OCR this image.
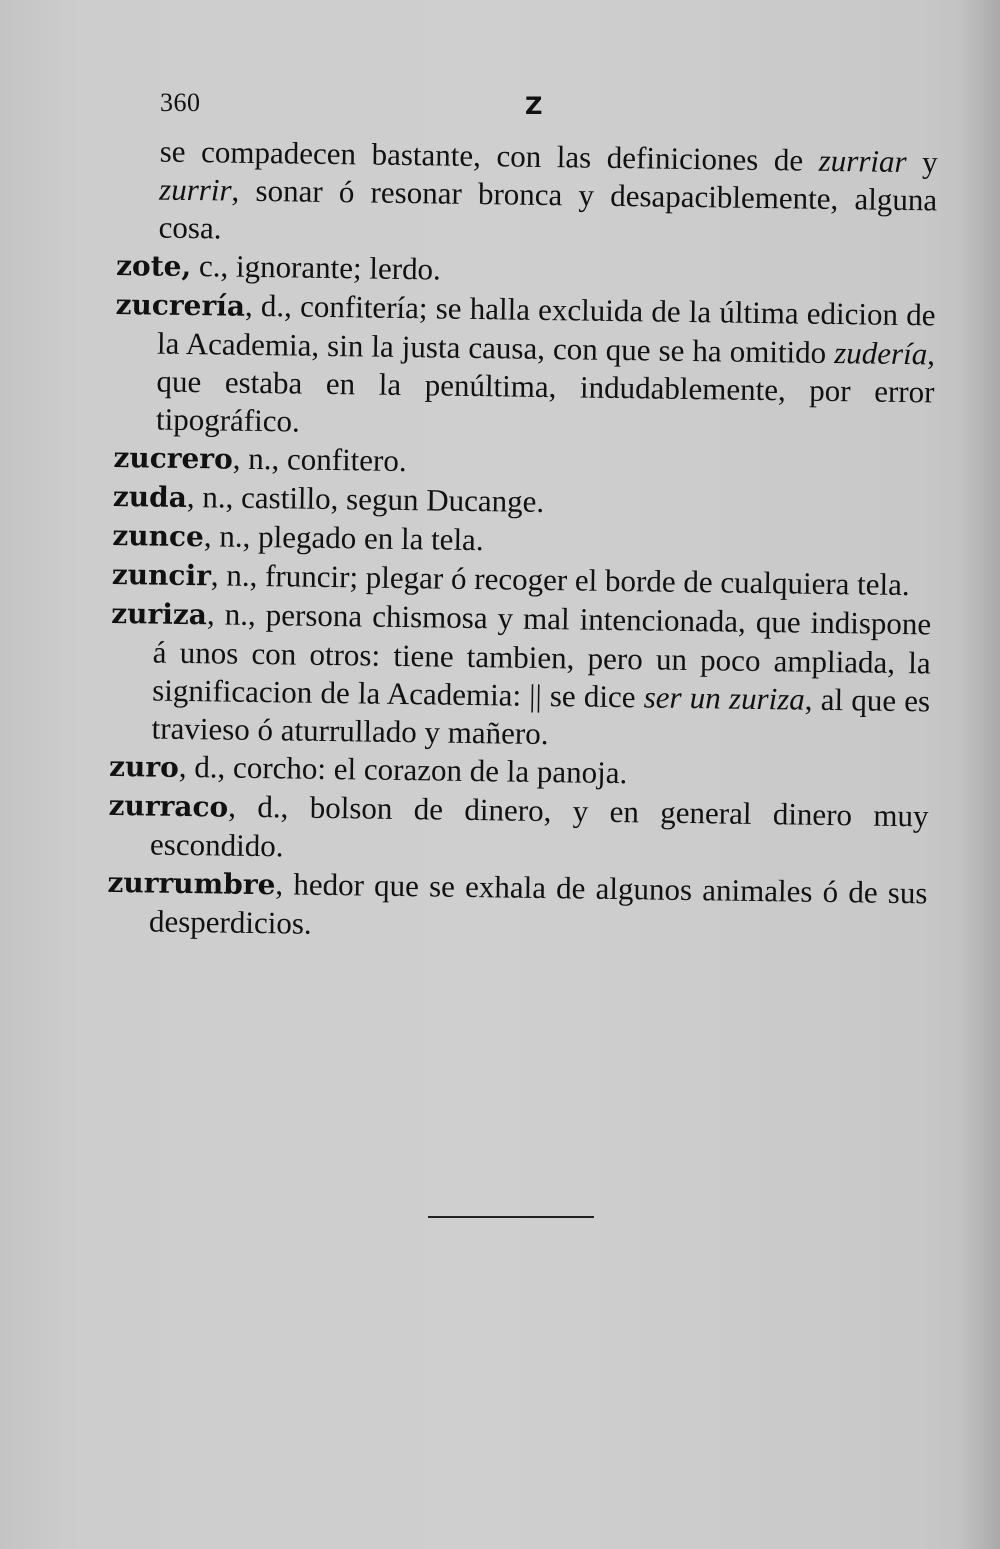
360	Z

se compadecen bastante, con las definiciones de zurriar y zurrir, sonar ó resonar bronca y desapaciblemente, alguna cosa.

zote, c., ignorante; lerdo.

zucrería, d., confitería; se halla excluida de la última edicion de la Academia, sin la justa causa, con que se ha omitido zudería, que estaba en la penúltima, indudablemente, por error tipográfico.

zucrero, n., confitero.

zuda, n., castillo, segun Ducange.

zunce, n., plegado en la tela.

zuncir, n., fruncir; plegar ó recoger el borde de cualquiera tela.

zuriza, n., persona chismosa y mal intencionada, que indispone á unos con otros: tiene tambien, pero un poco ampliada, la significacion de la Academia: || se dice ser un zuriza, al que es travieso ó aturrullado y mañero.

zuro, d., corcho: el corazon de la panoja.

zurraco, d., bolson de dinero, y en general dinero muy escondido.

zurrumbre, hedor que se exhala de algunos animales ó de sus desperdicios.
